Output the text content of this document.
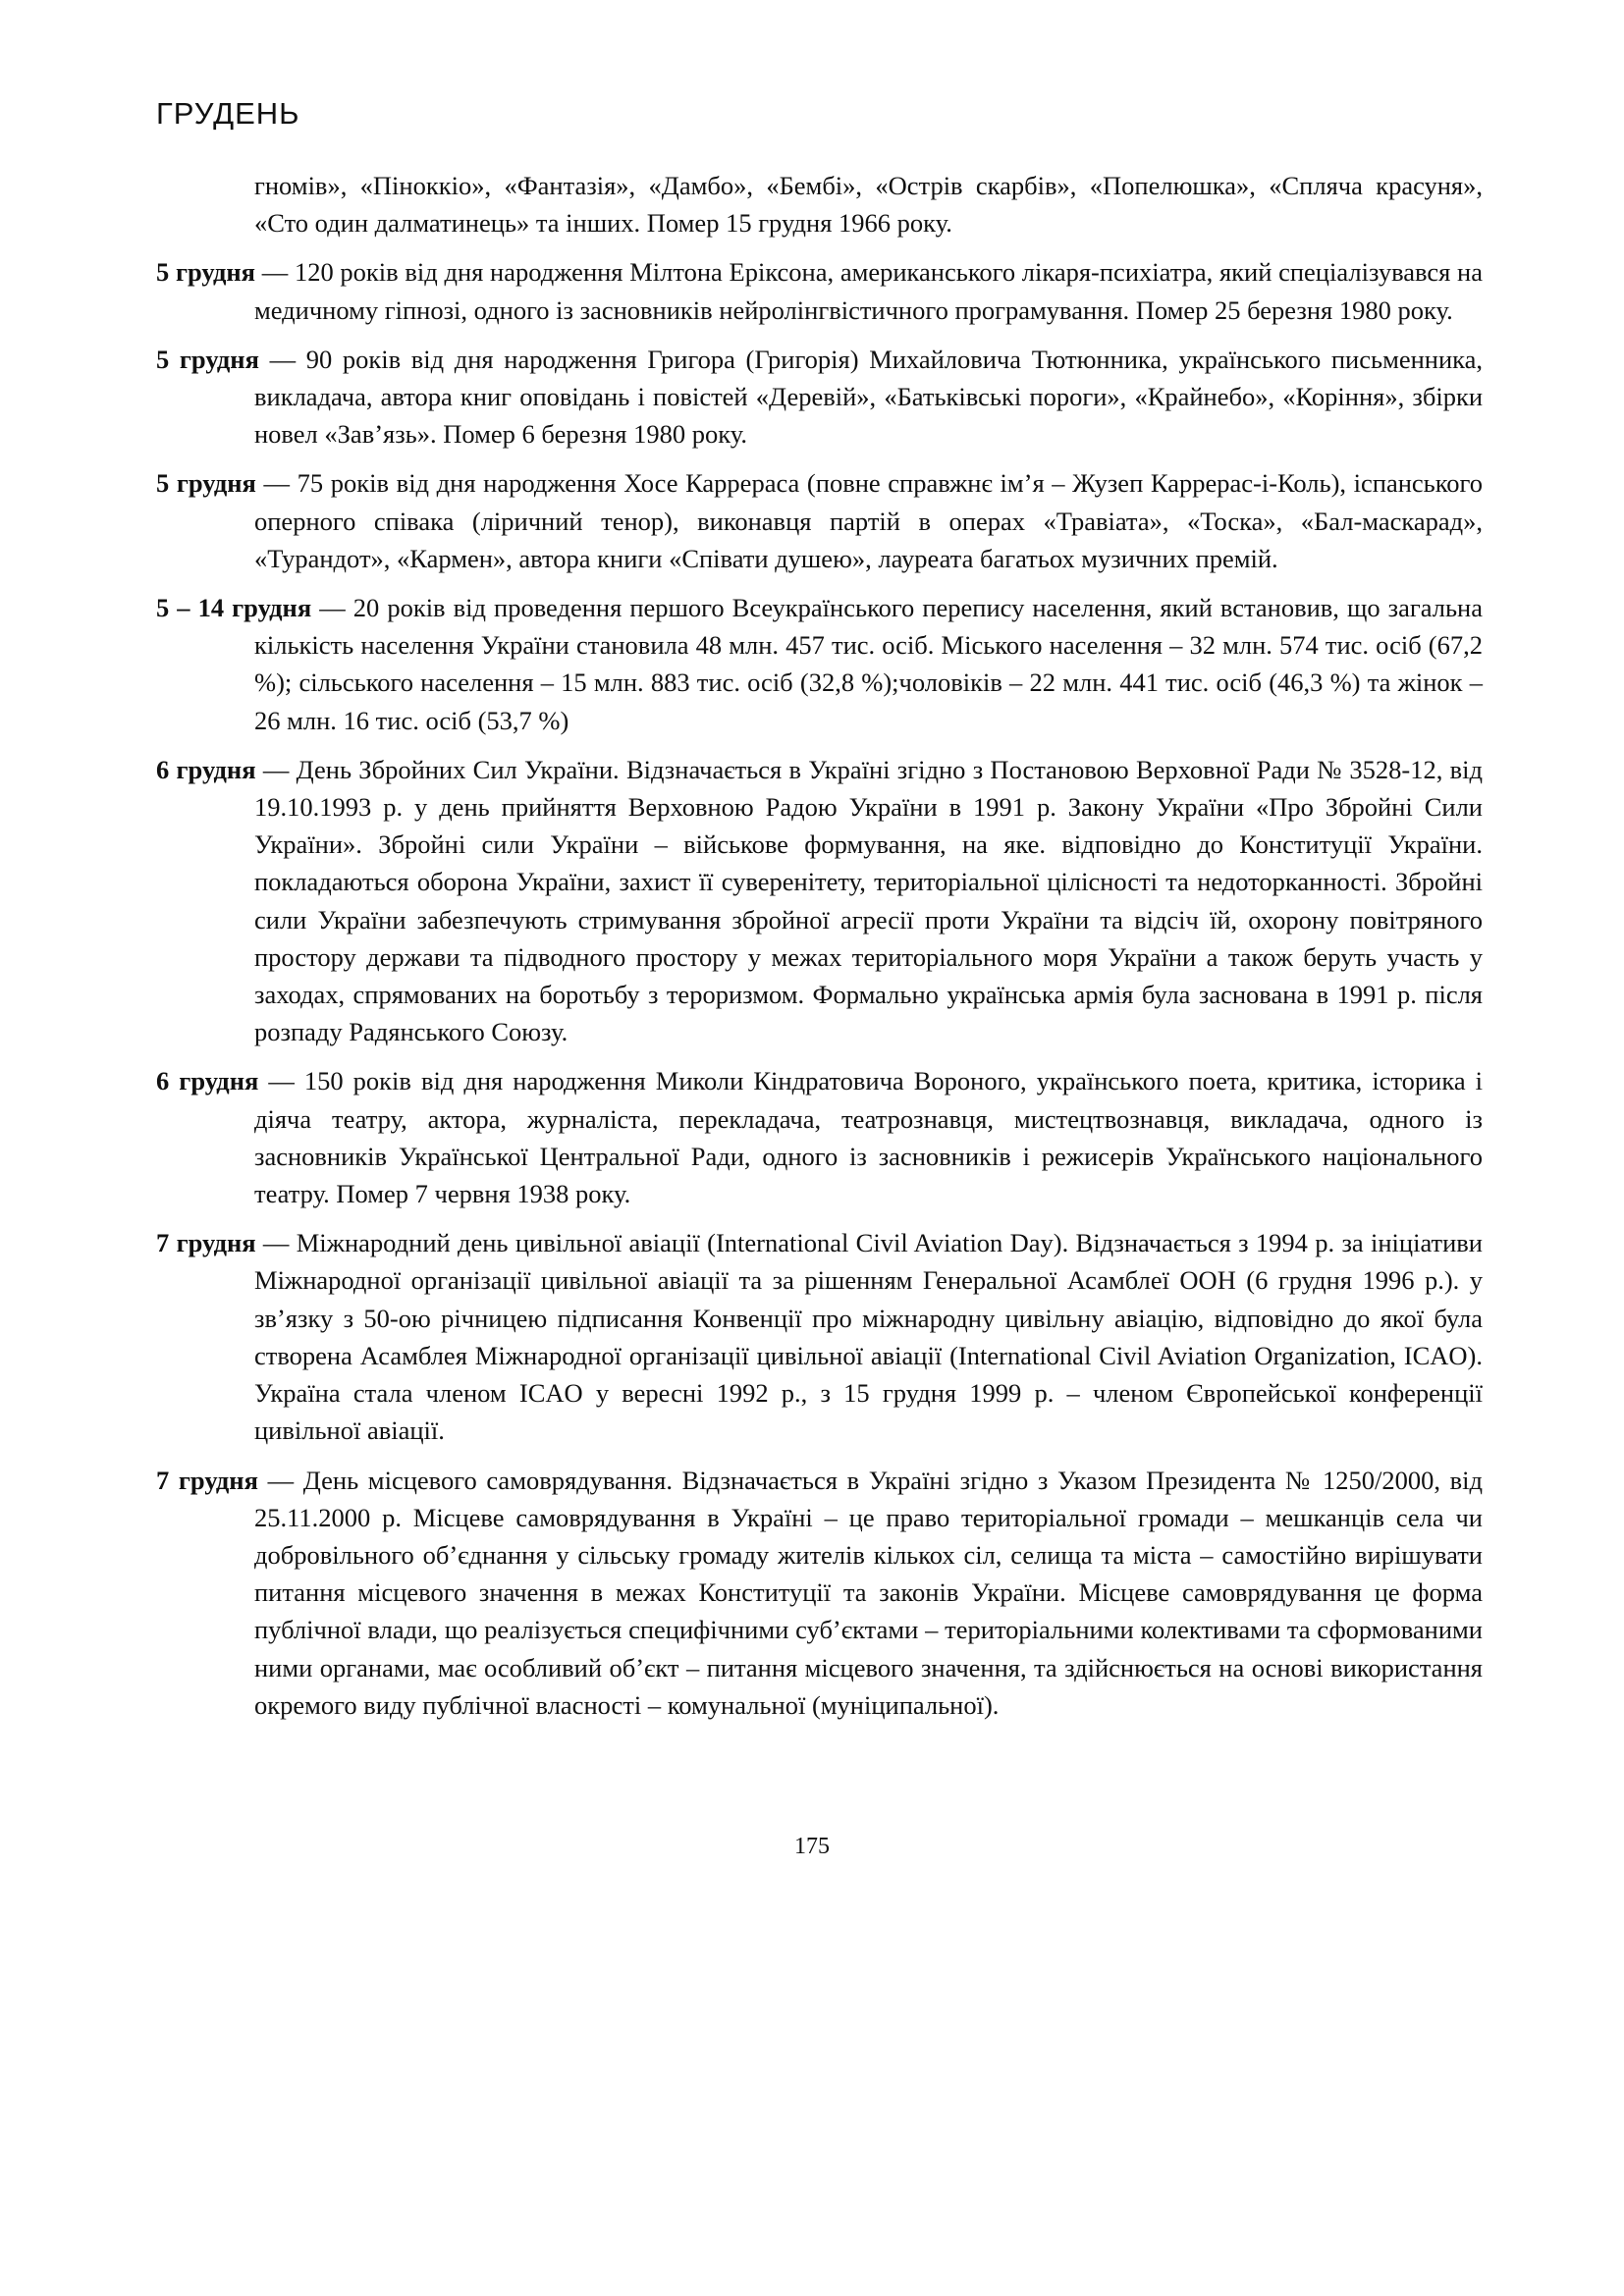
ГРУДЕНЬ

гномів», «Піноккіо», «Фантазія», «Дамбо», «Бембі», «Острів скарбів», «Попелюшка», «Спляча красуня», «Сто один далматинець» та інших. Помер 15 грудня 1966 року.

5 грудня — 120 років від дня народження Мілтона Еріксона, американського лікаря-психіатра, який спеціалізувався на медичному гіпнозі, одного із засновників нейролінгвістичного програмування. Помер 25 березня 1980 року.

5 грудня — 90 років від дня народження Григора (Григорія) Михайловича Тютюнника, українського письменника, викладача, автора книг оповідань і повістей «Деревій», «Батьківські пороги», «Крайнебо», «Коріння», збірки новел «Зав’язь». Помер 6 березня 1980 року.

5 грудня — 75 років від дня народження Хосе Карреpаса (повне справжнє ім’я – Жузеп Каррерас-і-Коль), іспанського оперного співака (ліричний тенор), виконавця партій в операх «Травіата», «Тоска», «Бал-маскарад», «Турандот», «Кармен», автора книги «Співати душею», лауреата багатьох музичних премій.

5 – 14 грудня — 20 років від проведення першого Всеукраїнського перепису населення, який встановив, що загальна кількість населення України становила 48 млн. 457 тис. осіб. Міського населення – 32 млн. 574 тис. осіб (67,2 %); сільського населення – 15 млн. 883 тис. осіб (32,8 %);чоловіків – 22 млн. 441 тис. осіб (46,3 %) та жінок – 26 млн. 16 тис. осіб (53,7 %)

6 грудня — День Збройних Сил України. Відзначається в Україні згідно з Постановою Верховної Ради № 3528-12, від 19.10.1993 р. у день прийняття Верховною Радою України в 1991 р. Закону України «Про Збройні Сили України». Збройні сили України – військове формування, на яке. відповідно до Конституції України. покладаються оборона України, захист її суверенітету, територіальної цілісності та недоторканності. Збройні сили України забезпечують стримування збройної агресії проти України та відсіч їй, охорону повітряного простору держави та підводного простору у межах територіального моря України а також беруть участь у заходах, спрямованих на боротьбу з тероризмом. Формально українська армія була заснована в 1991 р. після розпаду Радянського Союзу.

6 грудня — 150 років від дня народження Миколи Кіндратовича Вороного, українського поета, критика, історика і діяча театру, актора, журналіста, перекладача, театрознавця, мистецтвознавця, викладача, одного із засновників Української Центральної Ради, одного із засновників і режисерів Українського національного театру. Помер 7 червня 1938 року.

7 грудня — Міжнародний день цивільної авіації (International Civil Aviation Day). Відзначається з 1994 р. за ініціативи Міжнародної організації цивільної авіації та за рішенням Генеральної Асамблеї ООН (6 грудня 1996 р.). у зв’язку з 50-ою річницею підписання Конвенції про міжнародну цивільну авіацію, відповідно до якої була створена Асамблея Міжнародної організації цивільної авіації (International Civil Aviation Organization, ICAO). Україна стала членом ICAO у вересні 1992 р., з 15 грудня 1999 р. – членом Європейської конференції цивільної авіації.

7 грудня — День місцевого самоврядування. Відзначається в Україні згідно з Указом Президента № 1250/2000, від 25.11.2000 р. Місцеве самоврядування в Україні – це право територіальної громади – мешканців села чи добровільного об’єднання у сільську громаду жителів кількох сіл, селища та міста – самостійно вирішувати питання місцевого значення в межах Конституції та законів України. Місцеве самоврядування це форма публічної влади, що реалізується специфічними суб’єктами – територіальними колективами та сформованими ними органами, має особливий об’єкт – питання місцевого значення, та здійснюється на основі використання окремого виду публічної власності – комунальної (муніципальної).

175
